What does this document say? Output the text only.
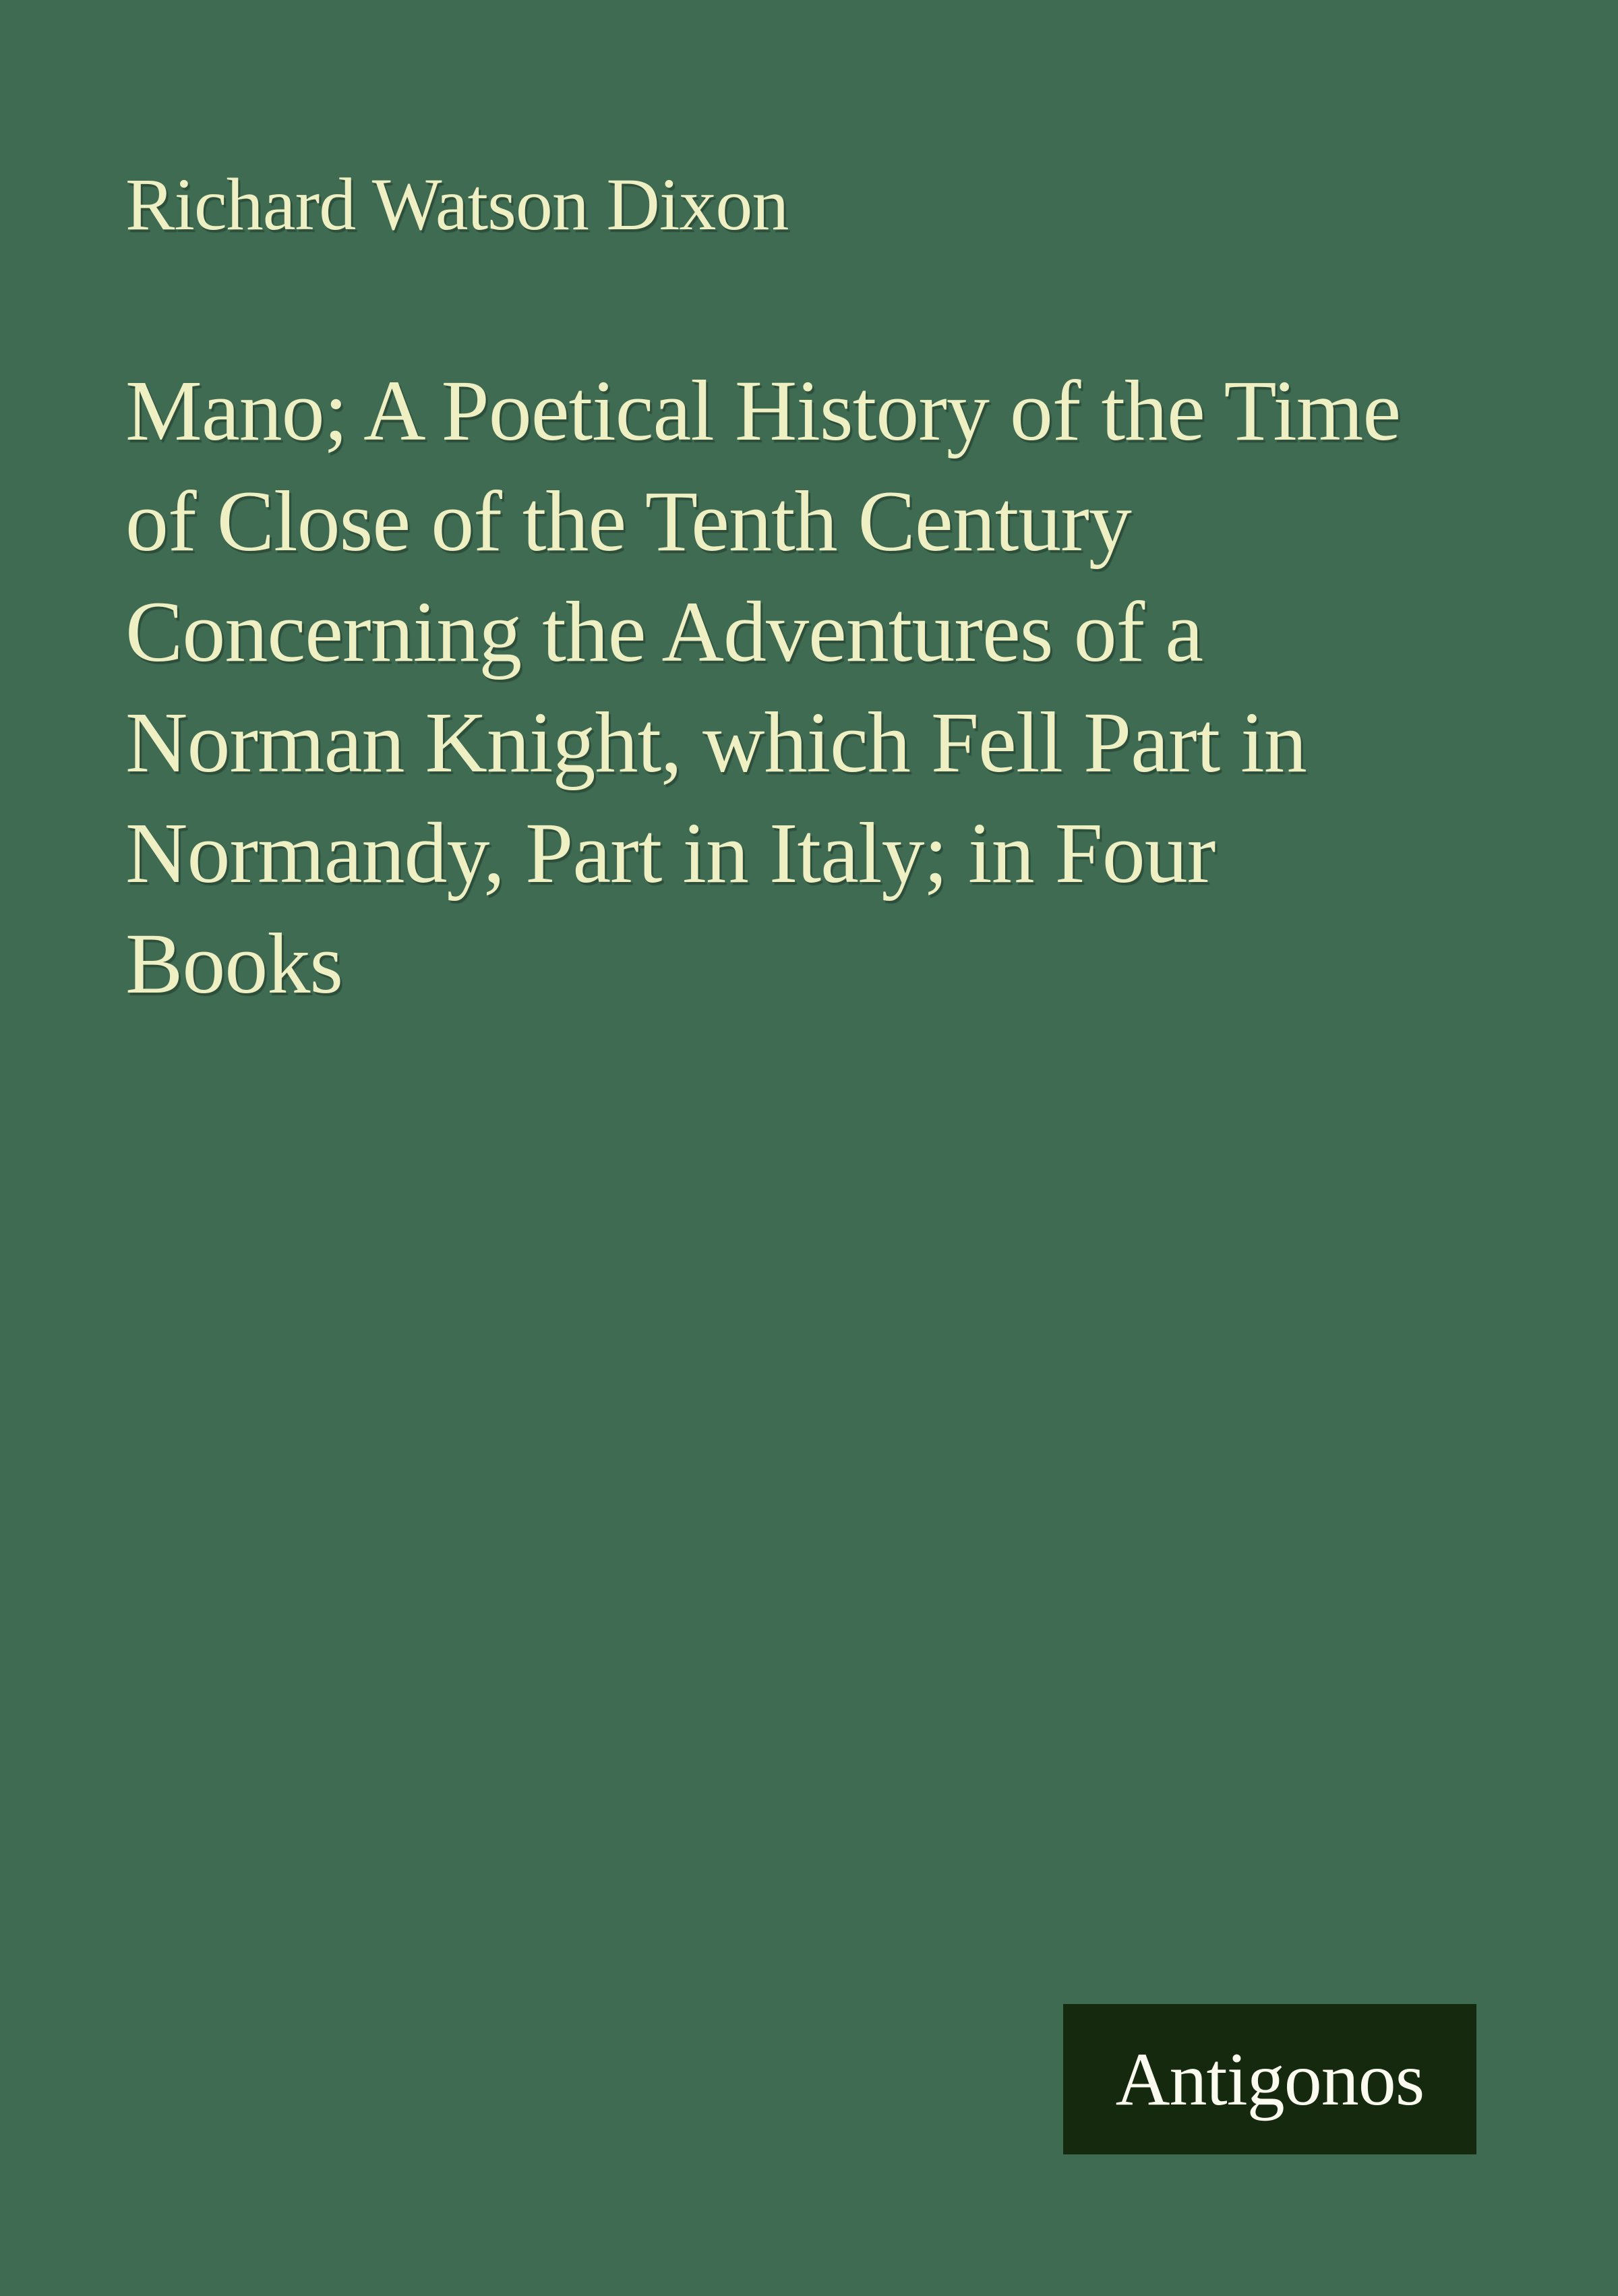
Richard Watson Dixon
Mano; A Poetical History of the Time
of Close of the Tenth Century
Concerning the Adventures of a
Norman Knight, which Fell Part in
Normandy, Part in Italy; in Four
Books
Antigonos
